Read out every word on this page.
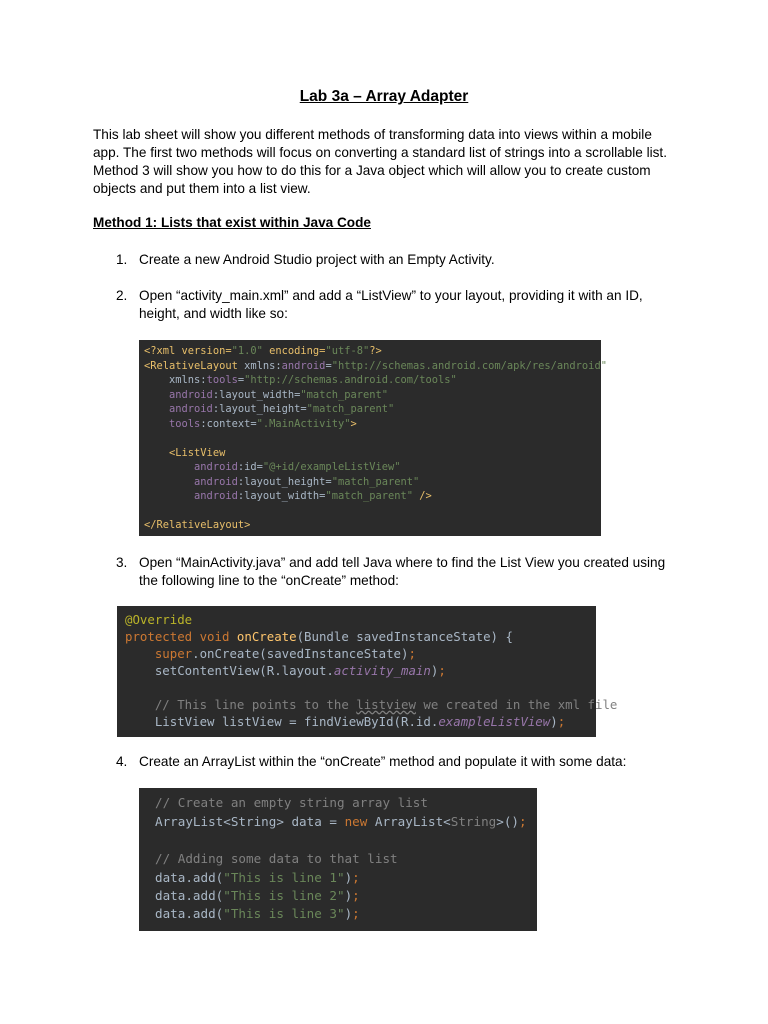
Lab 3a – Array Adapter

This lab sheet will show you different methods of transforming data into views within a mobile app. The first two methods will focus on converting a standard list of strings into a scrollable list. Method 3 will show you how to do this for a Java object which will allow you to create custom objects and put them into a list view.

Method 1: Lists that exist within Java Code
1. Create a new Android Studio project with an Empty Activity.
2. Open “activity_main.xml” and add a “ListView” to your layout, providing it with an ID, height, and width like so:

<?xml version="1.0" encoding="utf-8"?>

<RelativeLayout xmlns:android="http://schemas.android.com/apk/res/android"

xmlns:tools="http://schemas.android.com/tools"

android:layout_width="match_parent"

android:layout_height="match_parent"

tools:context=".MainActivity">

<ListView

android:id="@+id/exampleListView"

android:layout_height="match_parent"

android:layout_width="match_parent" />

</RelativeLayout>

3. Open “MainActivity.java” and add tell Java where to find the List View you created using the following line to the “onCreate” method:

@Override

protected void onCreate(Bundle savedInstanceState) {

super.onCreate(savedInstanceState);

setContentView(R.layout.activity_main);

// This line points to the listview we created in the xml file

ListView listView = findViewById(R.id.exampleListView);

4. Create an ArrayList within the “onCreate” method and populate it with some data:

// Create an empty string array list

ArrayList<String> data = new ArrayList<String>();

// Adding some data to that list

data.add("This is line 1");

data.add("This is line 2");

data.add("This is line 3");
